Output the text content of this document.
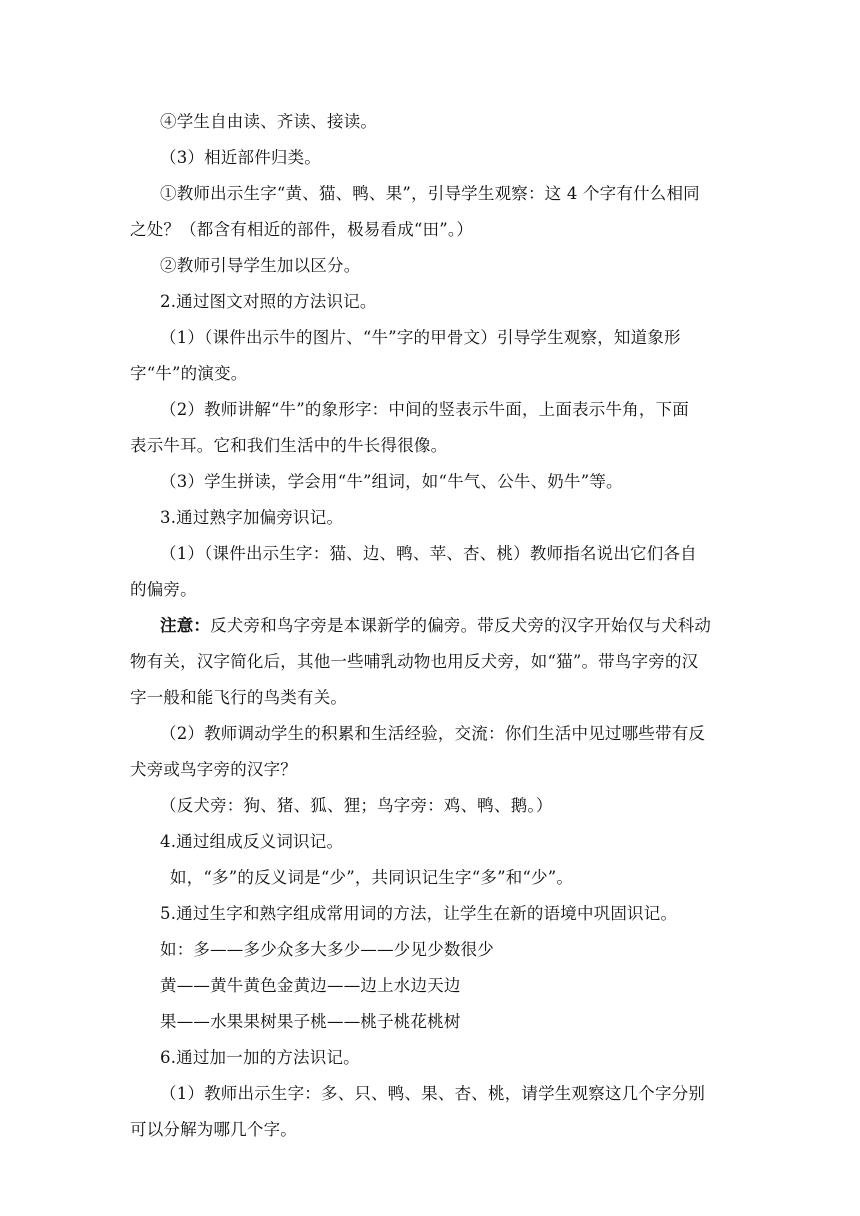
④学生自由读、齐读、接读。
（3）相近部件归类。
①教师出示生字“黄、猫、鸭、果”，引导学生观察：这 4 个字有什么相同
之处？（都含有相近的部件，极易看成“田”。）
②教师引导学生加以区分。
2.通过图文对照的方法识记。
（1）（课件出示牛的图片、“牛”字的甲骨文）引导学生观察，知道象形
字“牛”的演变。
（2）教师讲解“牛”的象形字：中间的竖表示牛面，上面表示牛角，下面
表示牛耳。它和我们生活中的牛长得很像。
（3）学生拼读，学会用“牛”组词，如“牛气、公牛、奶牛”等。
3.通过熟字加偏旁识记。
（1）（课件出示生字：猫、边、鸭、苹、杏、桃）教师指名说出它们各自
的偏旁。
注意：反犬旁和鸟字旁是本课新学的偏旁。带反犬旁的汉字开始仅与犬科动
物有关，汉字简化后，其他一些哺乳动物也用反犬旁，如“猫”。带鸟字旁的汉
字一般和能飞行的鸟类有关。
（2）教师调动学生的积累和生活经验，交流：你们生活中见过哪些带有反
犬旁或鸟字旁的汉字？
（反犬旁：狗、猪、狐、狸；鸟字旁：鸡、鸭、鹅。）
4.通过组成反义词识记。
如，“多”的反义词是“少”，共同识记生字“多”和“少”。
5.通过生字和熟字组成常用词的方法，让学生在新的语境中巩固识记。
如：多——多少众多大多少——少见少数很少
黄——黄牛黄色金黄边——边上水边天边
果——水果果树果子桃——桃子桃花桃树
6.通过加一加的方法识记。
（1）教师出示生字：多、只、鸭、果、杏、桃，请学生观察这几个字分别
可以分解为哪几个字。
